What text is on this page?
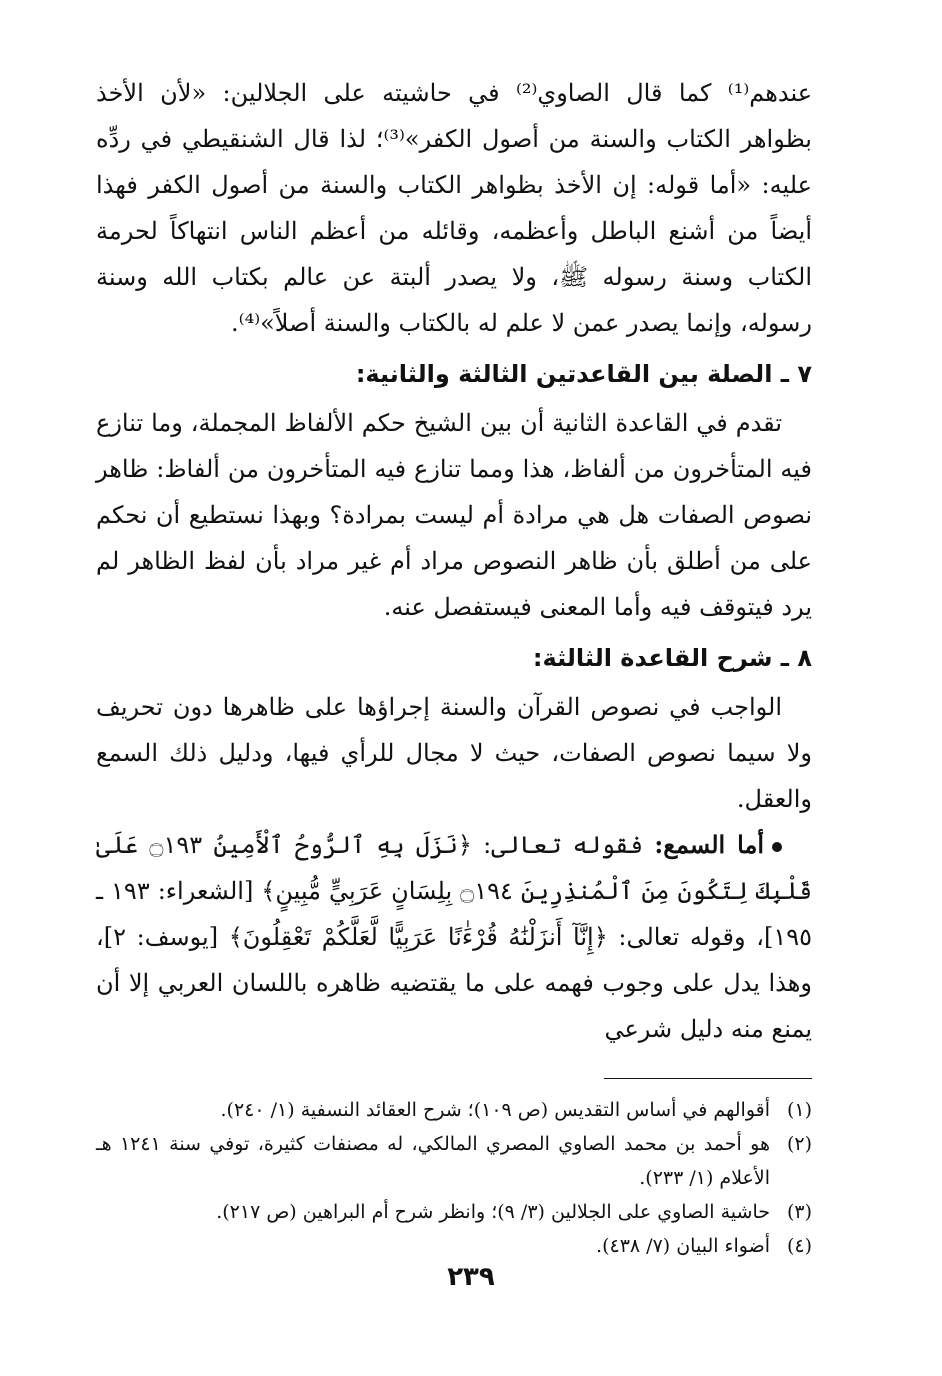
عندهم⁽¹⁾ كما قال الصاوي⁽²⁾ في حاشيته على الجلالين: «لأن الأخذ بظواهر الكتاب والسنة من أصول الكفر»⁽³⁾؛ لذا قال الشنقيطي في ردِّه عليه: «أما قوله: إن الأخذ بظواهر الكتاب والسنة من أصول الكفر فهذا أيضاً من أشنع الباطل وأعظمه، وقائله من أعظم الناس انتهاكاً لحرمة الكتاب وسنة رسوله ﷺ، ولا يصدر ألبتة عن عالم بكتاب الله وسنة رسوله، وإنما يصدر عمن لا علم له بالكتاب والسنة أصلاً»⁽⁴⁾.

٧ ـ الصلة بين القاعدتين الثالثة والثانية:

تقدم في القاعدة الثانية أن بين الشيخ حكم الألفاظ المجملة، وما تنازع فيه المتأخرون من ألفاظ، هذا ومما تنازع فيه المتأخرون من ألفاظ: ظاهر نصوص الصفات هل هي مرادة أم ليست بمرادة؟ وبهذا نستطيع أن نحكم على من أطلق بأن ظاهر النصوص مراد أم غير مراد بأن لفظ الظاهر لم يرد فيتوقف فيه وأما المعنى فيستفصل عنه.

٨ ـ شرح القاعدة الثالثة:

الواجب في نصوص القرآن والسنة إجراؤها على ظاهرها دون تحريف ولا سيما نصوص الصفات، حيث لا مجال للرأي فيها، ودليل ذلك السمع والعقل.

أما السمع: فقوله تعالى: ﴿نَزَلَ بِهِ ٱلرُّوحُ ٱلْأَمِينُ ۝١٩٣ عَلَىٰ قَلْبِكَ لِتَكُونَ مِنَ ٱلْمُنذِرِينَ ۝١٩٤ بِلِسَانٍ عَرَبِيٍّ مُّبِينٍ﴾ [الشعراء: ١٩٣ ـ ١٩٥]، وقوله تعالى: ﴿إِنَّآ أَنزَلْنَٰهُ قُرْءَٰنًا عَرَبِيًّا لَّعَلَّكُمْ تَعْقِلُونَ﴾ [يوسف: ٢]، وهذا يدل على وجوب فهمه على ما يقتضيه ظاهره باللسان العربي إلا أن يمنع منه دليل شرعي

(١)
أقوالهم في أساس التقديس (ص ١٠٩)؛ شرح العقائد النسفية (١/ ٢٤٠).

(٢)
هو أحمد بن محمد الصاوي المصري المالكي، له مصنفات كثيرة، توفي سنة ١٢٤١ هـ الأعلام (١/ ٢٣٣).

(٣)
حاشية الصاوي على الجلالين (٣/ ٩)؛ وانظر شرح أم البراهين (ص ٢١٧).

(٤)
أضواء البيان (٧/ ٤٣٨).

٢٣٩
